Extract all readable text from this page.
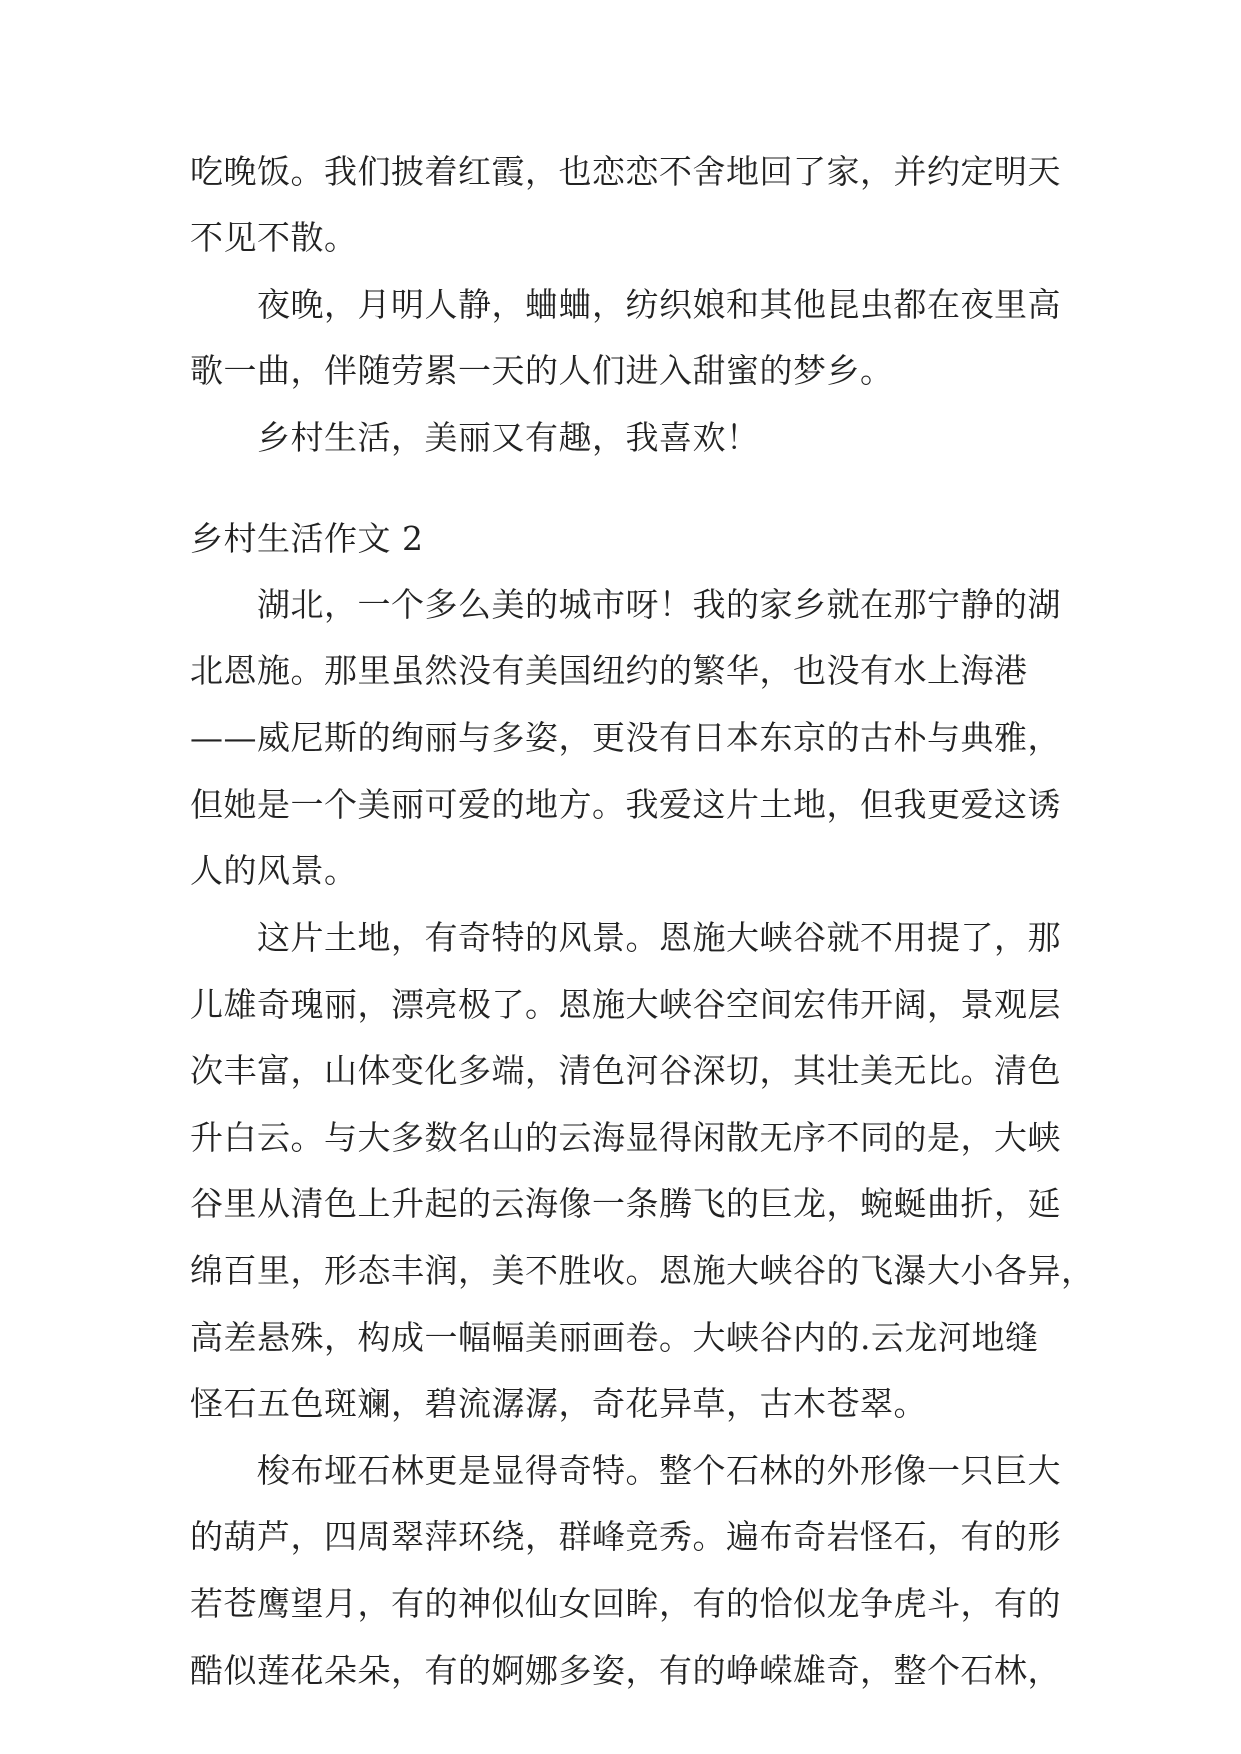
吃晚饭。我们披着红霞，也恋恋不舍地回了家，并约定明天
不见不散。
夜晚，月明人静，蛐蛐，纺织娘和其他昆虫都在夜里高
歌一曲，伴随劳累一天的人们进入甜蜜的梦乡。
乡村生活，美丽又有趣，我喜欢！
乡村生活作文 2
湖北，一个多么美的城市呀！我的家乡就在那宁静的湖
北恩施。那里虽然没有美国纽约的繁华，也没有水上海港
——威尼斯的绚丽与多姿，更没有日本东京的古朴与典雅，
但她是一个美丽可爱的地方。我爱这片土地，但我更爱这诱
人的风景。
这片土地，有奇特的风景。恩施大峡谷就不用提了，那
儿雄奇瑰丽，漂亮极了。恩施大峡谷空间宏伟开阔，景观层
次丰富，山体变化多端，清色河谷深切，其壮美无比。清色
升白云。与大多数名山的云海显得闲散无序不同的是，大峡
谷里从清色上升起的云海像一条腾飞的巨龙，蜿蜒曲折，延
绵百里，形态丰润，美不胜收。恩施大峡谷的飞瀑大小各异，
高差悬殊，构成一幅幅美丽画卷。大峡谷内的.云龙河地缝
怪石五色斑斓，碧流潺潺，奇花异草，古木苍翠。
梭布垭石林更是显得奇特。整个石林的外形像一只巨大
的葫芦，四周翠萍环绕，群峰竞秀。遍布奇岩怪石，有的形
若苍鹰望月，有的神似仙女回眸，有的恰似龙争虎斗，有的
酷似莲花朵朵，有的婀娜多姿，有的峥嵘雄奇，整个石林，
